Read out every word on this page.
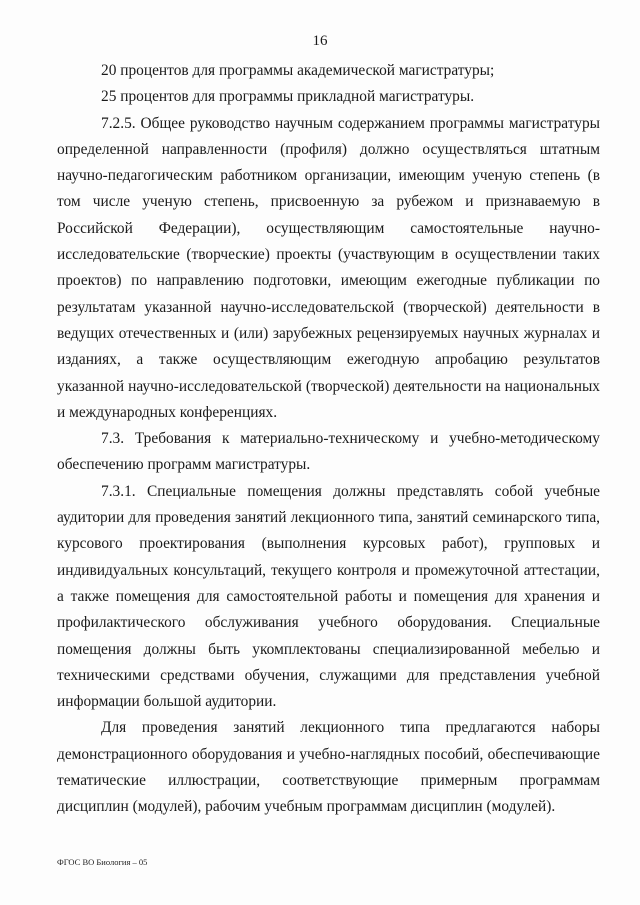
16

20 процентов для программы академической магистратуры;

25 процентов для программы прикладной магистратуры.

7.2.5. Общее руководство научным содержанием программы магистратуры определенной направленности (профиля) должно осуществляться штатным научно-педагогическим работником организации, имеющим ученую степень (в том числе ученую степень, присвоенную за рубежом и признаваемую в Российской Федерации), осуществляющим самостоятельные научно-исследовательские (творческие) проекты (участвующим в осуществлении таких проектов) по направлению подготовки, имеющим ежегодные публикации по результатам указанной научно-исследовательской (творческой) деятельности в ведущих отечественных и (или) зарубежных рецензируемых научных журналах и изданиях, а также осуществляющим ежегодную апробацию результатов указанной научно-исследовательской (творческой) деятельности на национальных и международных конференциях.

7.3. Требования к материально-техническому и учебно-методическому обеспечению программ магистратуры.

7.3.1. Специальные помещения должны представлять собой учебные аудитории для проведения занятий лекционного типа, занятий семинарского типа, курсового проектирования (выполнения курсовых работ), групповых и индивидуальных консультаций, текущего контроля и промежуточной аттестации, а также помещения для самостоятельной работы и помещения для хранения и профилактического обслуживания учебного оборудования. Специальные помещения должны быть укомплектованы специализированной мебелью и техническими средствами обучения, служащими для представления учебной информации большой аудитории.

Для проведения занятий лекционного типа предлагаются наборы демонстрационного оборудования и учебно-наглядных пособий, обеспечивающие тематические иллюстрации, соответствующие примерным программам дисциплин (модулей), рабочим учебным программам дисциплин (модулей).

ФГОС ВО Биология – 05
